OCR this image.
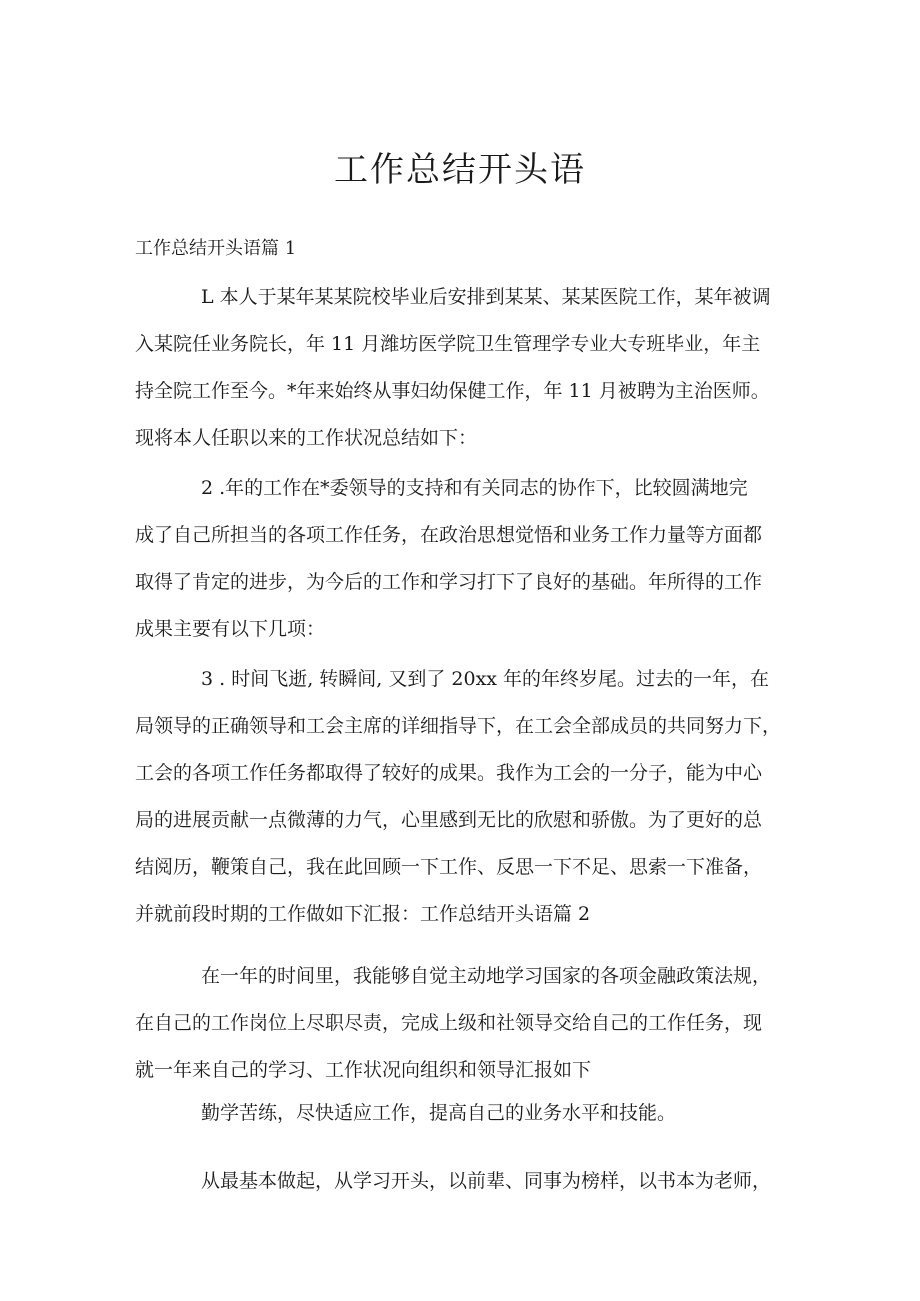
工作总结开头语
工作总结开头语篇 1
L 本人于某年某某院校毕业后安排到某某、某某医院工作，某年被调
入某院任业务院长，年 11 月潍坊医学院卫生管理学专业大专班毕业，年主
持全院工作至今。*年来始终从事妇幼保健工作，年 11 月被聘为主治医师。
现将本人任职以来的工作状况总结如下：
2 .年的工作在*委领导的支持和有关同志的协作下，比较圆满地完
成了自己所担当的各项工作任务，在政治思想觉悟和业务工作力量等方面都
取得了肯定的进步，为今后的工作和学习打下了良好的基础。年所得的工作
成果主要有以下几项：
3 . 时间飞逝, 转瞬间, 又到了 20xx 年的年终岁尾。过去的一年，在
局领导的正确领导和工会主席的详细指导下，在工会全部成员的共同努力下，
工会的各项工作任务都取得了较好的成果。我作为工会的一分子，能为中心
局的进展贡献一点微薄的力气，心里感到无比的欣慰和骄傲。为了更好的总
结阅历，鞭策自己，我在此回顾一下工作、反思一下不足、思索一下准备，
并就前段时期的工作做如下汇报：工作总结开头语篇 2
在一年的时间里，我能够自觉主动地学习国家的各项金融政策法规，
在自己的工作岗位上尽职尽责，完成上级和社领导交给自己的工作任务，现
就一年来自己的学习、工作状况向组织和领导汇报如下
勤学苦练，尽快适应工作，提高自己的业务水平和技能。
从最基本做起，从学习开头，以前辈、同事为榜样，以书本为老师，
